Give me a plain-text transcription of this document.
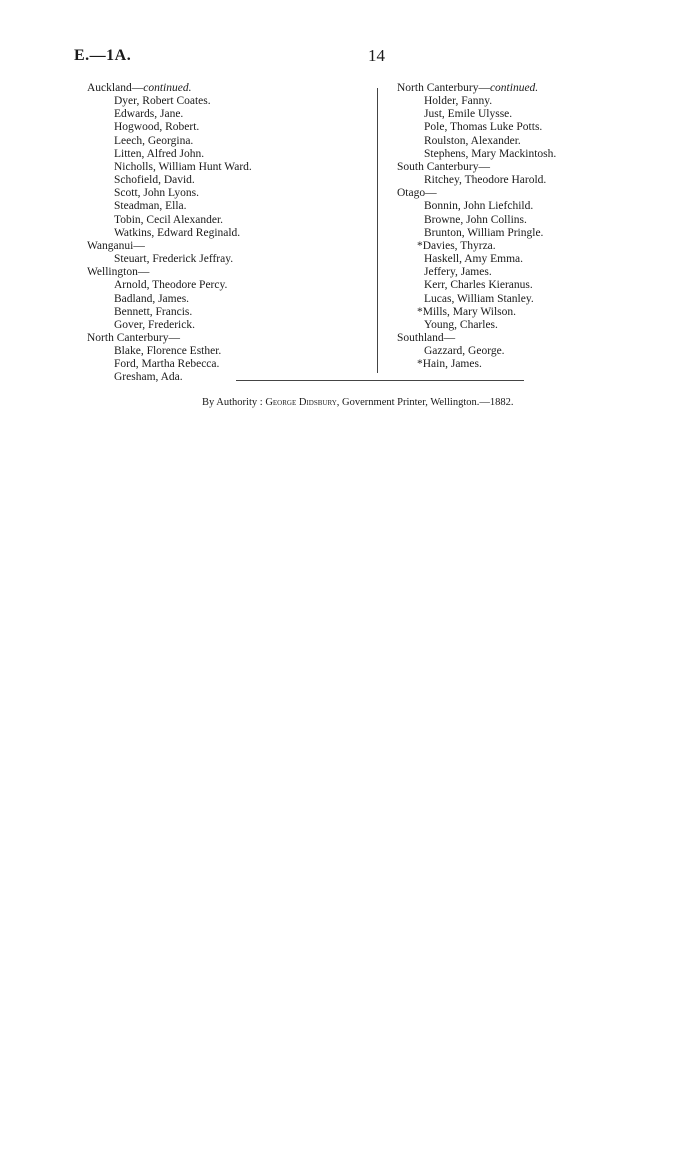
E.—1A.	14
Auckland—continued.
Dyer, Robert Coates.
Edwards, Jane.
Hogwood, Robert.
Leech, Georgina.
Litten, Alfred John.
Nicholls, William Hunt Ward.
Schofield, David.
Scott, John Lyons.
Steadman, Ella.
Tobin, Cecil Alexander.
Watkins, Edward Reginald.
Wanganui—
Steuart, Frederick Jeffray.
Wellington—
Arnold, Theodore Percy.
Badland, James.
Bennett, Francis.
Gover, Frederick.
North Canterbury—
Blake, Florence Esther.
Ford, Martha Rebecca.
Gresham, Ada.
North Canterbury—continued.
Holder, Fanny.
Just, Emile Ulysse.
Pole, Thomas Luke Potts.
Roulston, Alexander.
Stephens, Mary Mackintosh.
South Canterbury—
Ritchey, Theodore Harold.
Otago—
Bonnin, John Liefchild.
Browne, John Collins.
Brunton, William Pringle.
*Davies, Thyrza.
Haskell, Amy Emma.
Jeffery, James.
Kerr, Charles Kieranus.
Lucas, William Stanley.
*Mills, Mary Wilson.
Young, Charles.
Southland—
Gazzard, George.
*Hain, James.
By Authority : George Didsbury, Government Printer, Wellington.—1882.
